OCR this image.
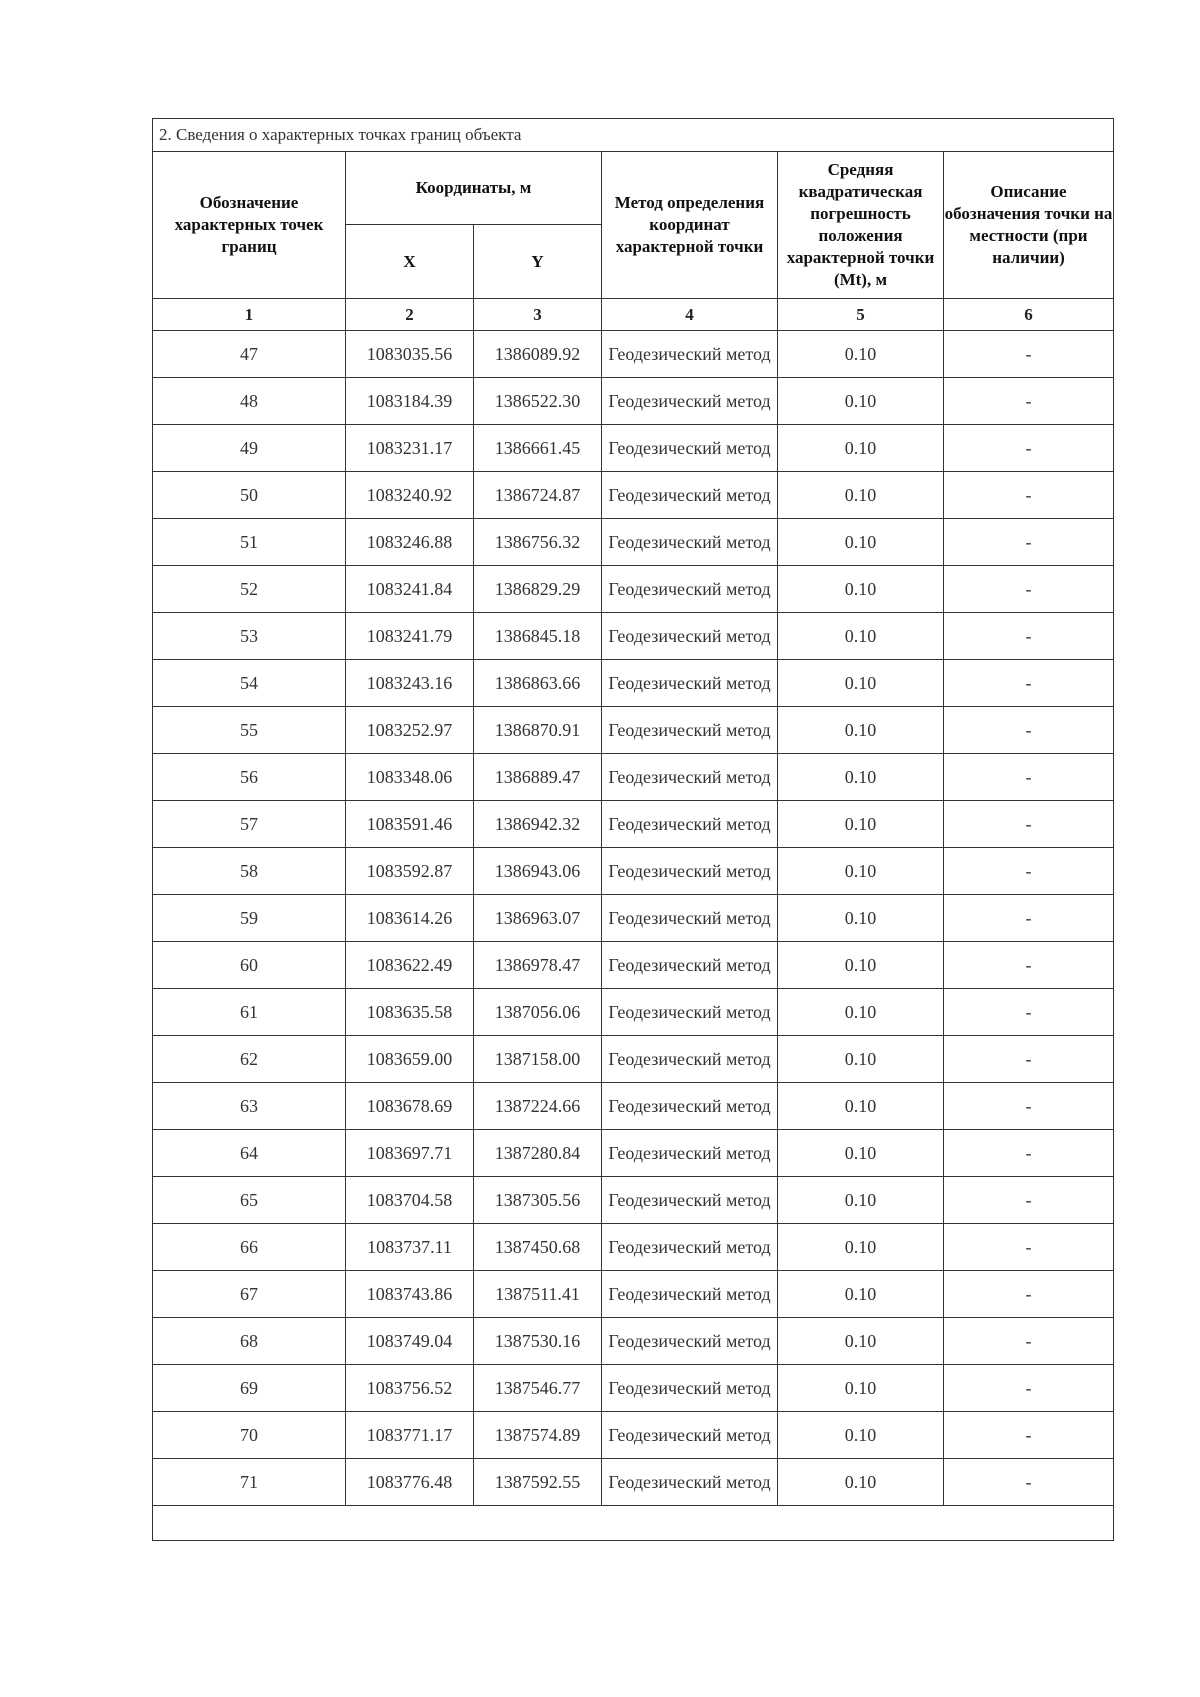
2. Сведения о характерных точках границ объекта					
Обозначение характерных точек границ	Координаты, м		Метод определения координат характерной точки	Средняя квадратическая погрешность положения характерной точки (Mt), м	Описание обозначения точки на местности (при наличии)
	X	Y			
1	2	3	4	5	6
47	1083035.56	1386089.92	Геодезический метод	0.10	-
48	1083184.39	1386522.30	Геодезический метод	0.10	-
49	1083231.17	1386661.45	Геодезический метод	0.10	-
50	1083240.92	1386724.87	Геодезический метод	0.10	-
51	1083246.88	1386756.32	Геодезический метод	0.10	-
52	1083241.84	1386829.29	Геодезический метод	0.10	-
53	1083241.79	1386845.18	Геодезический метод	0.10	-
54	1083243.16	1386863.66	Геодезический метод	0.10	-
55	1083252.97	1386870.91	Геодезический метод	0.10	-
56	1083348.06	1386889.47	Геодезический метод	0.10	-
57	1083591.46	1386942.32	Геодезический метод	0.10	-
58	1083592.87	1386943.06	Геодезический метод	0.10	-
59	1083614.26	1386963.07	Геодезический метод	0.10	-
60	1083622.49	1386978.47	Геодезический метод	0.10	-
61	1083635.58	1387056.06	Геодезический метод	0.10	-
62	1083659.00	1387158.00	Геодезический метод	0.10	-
63	1083678.69	1387224.66	Геодезический метод	0.10	-
64	1083697.71	1387280.84	Геодезический метод	0.10	-
65	1083704.58	1387305.56	Геодезический метод	0.10	-
66	1083737.11	1387450.68	Геодезический метод	0.10	-
67	1083743.86	1387511.41	Геодезический метод	0.10	-
68	1083749.04	1387530.16	Геодезический метод	0.10	-
69	1083756.52	1387546.77	Геодезический метод	0.10	-
70	1083771.17	1387574.89	Геодезический метод	0.10	-
71	1083776.48	1387592.55	Геодезический метод	0.10	-
